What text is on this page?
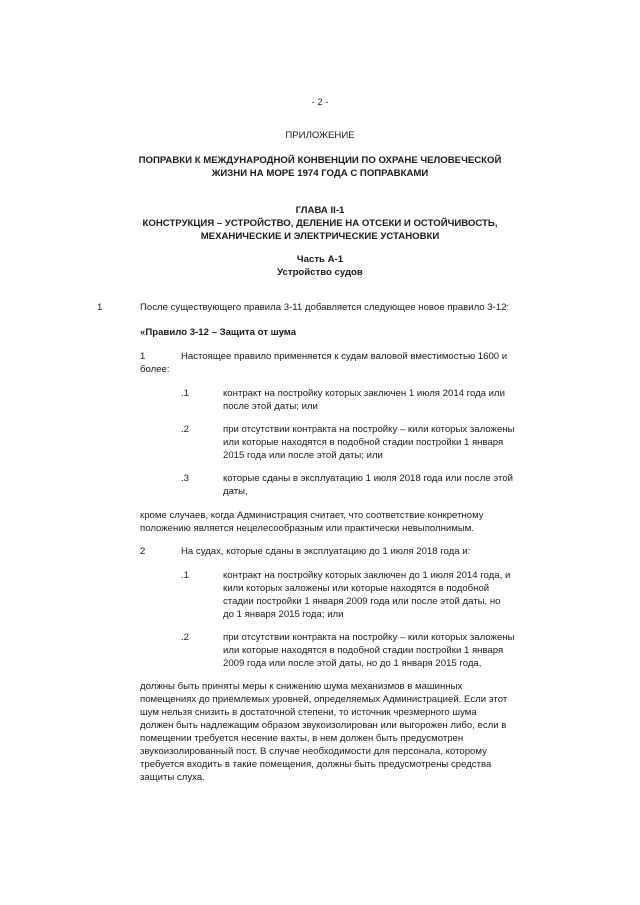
- 2 -
ПРИЛОЖЕНИЕ
ПОПРАВКИ К МЕЖДУНАРОДНОЙ КОНВЕНЦИИ ПО ОХРАНЕ ЧЕЛОВЕЧЕСКОЙ
ЖИЗНИ НА МОРЕ 1974 ГОДА С ПОПРАВКАМИ
ГЛАВА II-1
КОНСТРУКЦИЯ – УСТРОЙСТВО, ДЕЛЕНИЕ НА ОТСЕКИ И ОСТОЙЧИВОСТЬ,
МЕХАНИЧЕСКИЕ И ЭЛЕКТРИЧЕСКИЕ УСТАНОВКИ
Часть А-1
Устройство судов
1	После существующего правила 3-11 добавляется следующее новое правило 3-12:
«Правило 3-12 – Защита от шума
1	Настоящее правило применяется к судам валовой вместимостью 1600 и
более:
.1	контракт на постройку которых заключен 1 июля 2014 года или
после этой даты; или
.2	при отсутствии контракта на постройку – кили которых заложены
или которые находятся в подобной стадии постройки 1 января
2015 года или после этой даты; или
.3	которые сданы в эксплуатацию 1 июля 2018 года или после этой
даты,
кроме случаев, когда Администрация считает, что соответствие конкретному
положению является нецелесообразным или практически невыполнимым.
2	На судах, которые сданы в эксплуатацию до 1 июля 2018 года и:
.1	контракт на постройку которых заключен до 1 июля 2014 года, и
кили которых заложены или которые находятся в подобной
стадии постройки 1 января 2009 года или после этой даты, но
до 1 января 2015 года; или
.2	при отсутствии контракта на постройку – кили которых заложены
или которые находятся в подобной стадии постройки 1 января
2009 года или после этой даты, но до 1 января 2015 года,
должны быть приняты меры к снижению шума механизмов в машинных
помещениях до приемлемых уровней, определяемых Администрацией. Если этот
шум нельзя снизить в достаточной степени, то источник чрезмерного шума
должен быть надлежащим образом звукоизолирован или выгорожен либо, если в
помещении требуется несение вахты, в нем должен быть предусмотрен
звукоизолированный пост. В случае необходимости для персонала, которому
требуется входить в такие помещения, должны быть предусмотрены средства
защиты слуха.
